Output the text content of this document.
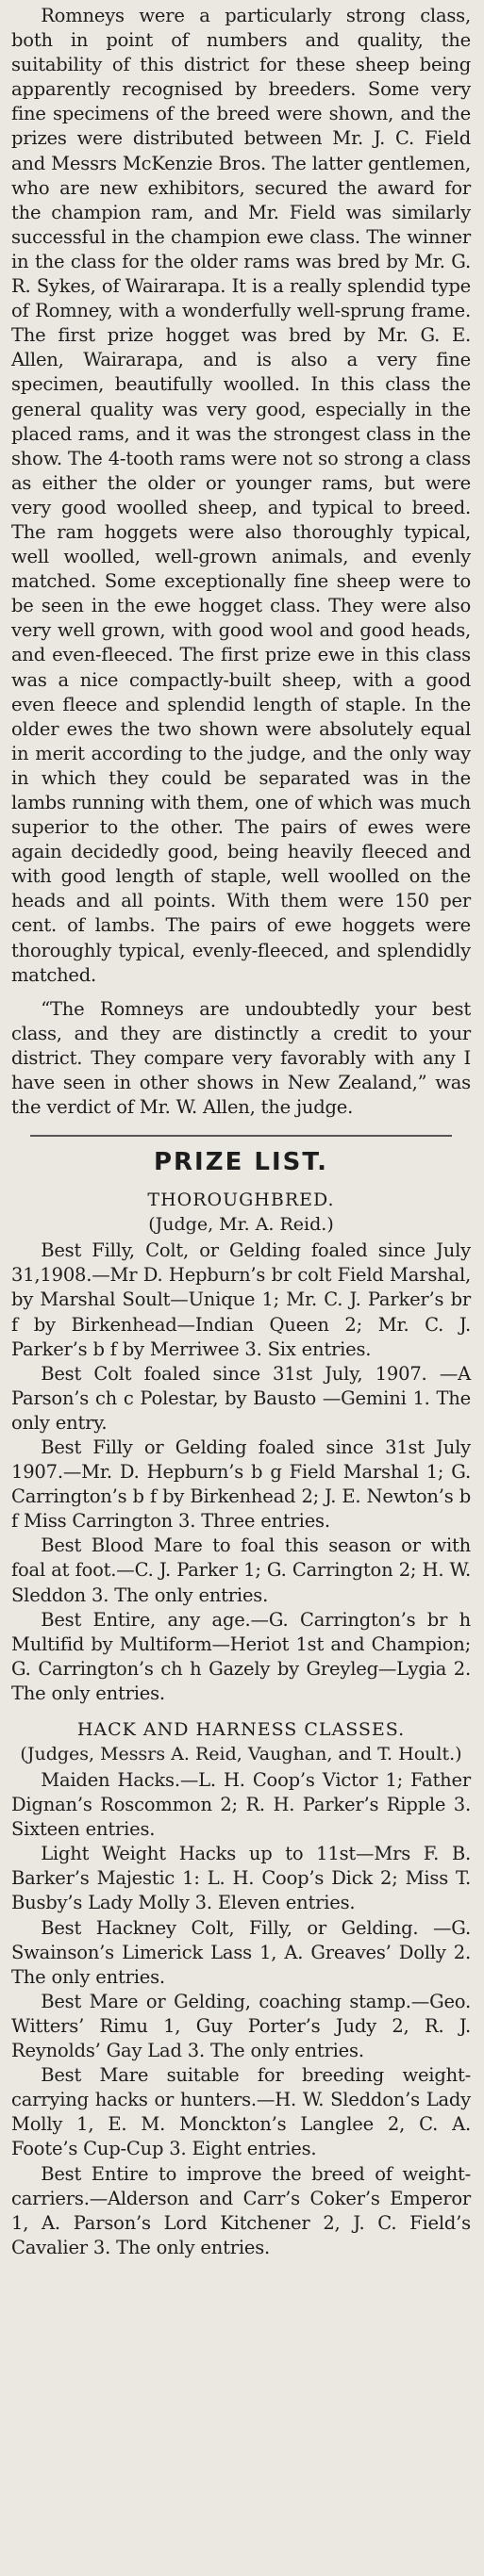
Romneys were a particularly strong class, both in point of numbers and quality, the suitability of this district for these sheep being apparently recognised by breeders. Some very fine specimens of the breed were shown, and the prizes were distributed between Mr. J. C. Field and Messrs McKenzie Bros. The latter gentlemen, who are new exhibitors, secured the award for the champion ram, and Mr. Field was similarly successful in the champion ewe class. The winner in the class for the older rams was bred by Mr. G. R. Sykes, of Wairarapa. It is a really splendid type of Romney, with a wonderfully well-sprung frame. The first prize hogget was bred by Mr. G. E. Allen, Wairarapa, and is also a very fine specimen, beautifully woolled. In this class the general quality was very good, especially in the placed rams, and it was the strongest class in the show. The 4-tooth rams were not so strong a class as either the older or younger rams, but were very good woolled sheep, and typical to breed. The ram hoggets were also thoroughly typical, well woolled, well-grown animals, and evenly matched. Some exceptionally fine sheep were to be seen in the ewe hogget class. They were also very well grown, with good wool and good heads, and even-fleeced. The first prize ewe in this class was a nice compactly-built sheep, with a good even fleece and splendid length of staple. In the older ewes the two shown were absolutely equal in merit according to the judge, and the only way in which they could be separated was in the lambs running with them, one of which was much superior to the other. The pairs of ewes were again decidedly good, being heavily fleeced and with good length of staple, well woolled on the heads and all points. With them were 150 per cent. of lambs. The pairs of ewe hoggets were thoroughly typical, evenly-fleeced, and splendidly matched.

“The Romneys are undoubtedly your best class, and they are distinctly a credit to your district. They compare very favorably with any I have seen in other shows in New Zealand,” was the verdict of Mr. W. Allen, the judge.

PRIZE LIST.
THOROUGHBRED.
(Judge, Mr. A. Reid.)

Best Filly, Colt, or Gelding foaled since July 31,1908.—Mr D. Hepburn’s br colt Field Marshal, by Marshal Soult—Unique 1; Mr. C. J. Parker’s br f by Birkenhead—Indian Queen 2; Mr. C. J. Parker’s b f by Merriwee 3. Six entries.

Best Colt foaled since 31st July, 1907. —A Parson’s ch c Polestar, by Bausto —Gemini 1. The only entry.

Best Filly or Gelding foaled since 31st July 1907.—Mr. D. Hepburn’s b g Field Marshal 1; G. Carrington’s b f by Birkenhead 2; J. E. Newton’s b f Miss Carrington 3. Three entries.

Best Blood Mare to foal this season or with foal at foot.—C. J. Parker 1; G. Carrington 2; H. W. Sleddon 3. The only entries.

Best Entire, any age.—G. Carrington’s br h Multifid by Multiform—Heriot 1st and Champion; G. Carrington’s ch h Gazely by Greyleg—Lygia 2. The only entries.

HACK AND HARNESS CLASSES.
(Judges, Messrs A. Reid, Vaughan, and T. Hoult.)

Maiden Hacks.—L. H. Coop’s Victor 1; Father Dignan’s Roscommon 2; R. H. Parker’s Ripple 3. Sixteen entries.

Light Weight Hacks up to 11st—Mrs F. B. Barker’s Majestic 1: L. H. Coop’s Dick 2; Miss T. Busby’s Lady Molly 3. Eleven entries.

Best Hackney Colt, Filly, or Gelding. —G. Swainson’s Limerick Lass 1, A. Greaves’ Dolly 2. The only entries.

Best Mare or Gelding, coaching stamp.—Geo. Witters’ Rimu 1, Guy Porter’s Judy 2, R. J. Reynolds’ Gay Lad 3. The only entries.

Best Mare suitable for breeding weight-carrying hacks or hunters.—H. W. Sleddon’s Lady Molly 1, E. M. Monckton’s Langlee 2, C. A. Foote’s Cup-Cup 3. Eight entries.

Best Entire to improve the breed of weight-carriers.—Alderson and Carr’s Coker’s Emperor 1, A. Parson’s Lord Kitchener 2, J. C. Field’s Cavalier 3. The only entries.
